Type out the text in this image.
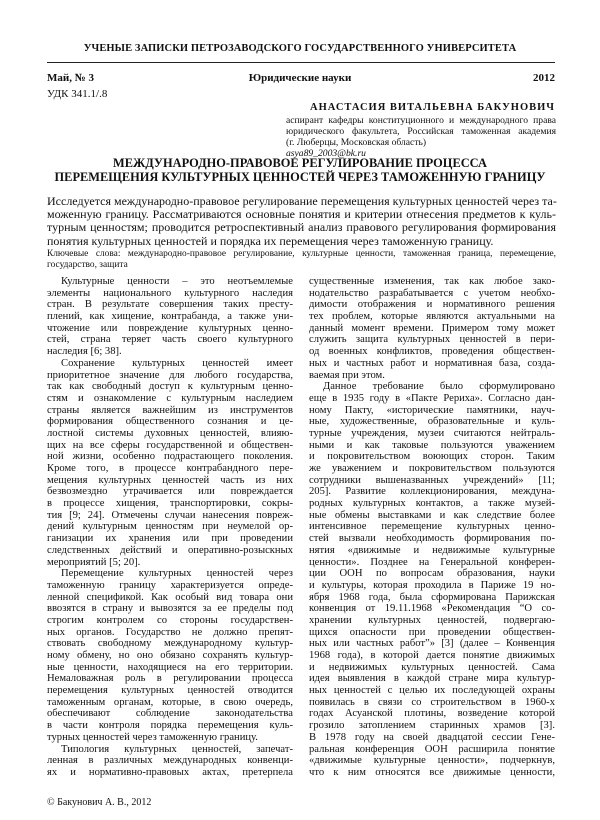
УЧЕНЫЕ ЗАПИСКИ ПЕТРОЗАВОДСКОГО ГОСУДАРСТВЕННОГО УНИВЕРСИТЕТА
Май, № 3	Юридические науки	2012
УДК 341.1/.8
АНАСТАСИЯ ВИТАЛЬЕВНА БАКУНОВИЧ
аспирант кафедры конституционного и международного права
юридического факультета, Российская таможенная академия
(г. Люберцы, Московская область)
asya89_2003@bk.ru
МЕЖДУНАРОДНО-ПРАВОВОЕ РЕГУЛИРОВАНИЕ ПРОЦЕССА
ПЕРЕМЕЩЕНИЯ КУЛЬТУРНЫХ ЦЕННОСТЕЙ ЧЕРЕЗ ТАМОЖЕННУЮ ГРАНИЦУ
Исследуется международно-правовое регулирование перемещения культурных ценностей через та-
моженную границу. Рассматриваются основные понятия и критерии отнесения предметов к куль-
турным ценностям; проводится ретроспективный анализ правового регулирования формирования
понятия культурных ценностей и порядка их перемещения через таможенную границу.
Ключевые слова: международно-правовое регулирование, культурные ценности, таможенная граница, перемещение,
государство, защита
Культурные ценности – это неотъемлемые
элементы национального культурного наследия
стран. В результате совершения таких престу-
плений, как хищение, контрабанда, а также уни-
чтожение или повреждение культурных ценно-
стей, страна теряет часть своего культурного
наследия [6; 38].
Сохранение культурных ценностей имеет
приоритетное значение для любого государства,
так как свободный доступ к культурным ценно-
стям и ознакомление с культурным наследием
страны является важнейшим из инструментов
формирования общественного сознания и це-
лостной системы духовных ценностей, влияю-
щих на все сферы государственной и обществен-
ной жизни, особенно подрастающего поколения.
Кроме того, в процессе контрабандного пере-
мещения культурных ценностей часть из них
безвозмездно утрачивается или повреждается
в процессе хищения, транспортировки, сокры-
тия [9; 24]. Отмечены случаи нанесения повреж-
дений культурным ценностям при неумелой ор-
ганизации их хранения или при проведении
следственных действий и оперативно-розыскных
мероприятий [5; 20].
Перемещение культурных ценностей через
таможенную границу характеризуется опреде-
ленной спецификой. Как особый вид товара они
ввозятся в страну и вывозятся за ее пределы под
строгим контролем со стороны государствен-
ных органов. Государство не должно препят-
ствовать свободному международному культур-
ному обмену, но оно обязано сохранять культур-
ные ценности, находящиеся на его территории.
Немаловажная роль в регулировании процесса
перемещения культурных ценностей отводится
таможенным органам, которые, в свою очередь,
обеспечивают соблюдение законодательства
в части контроля порядка перемещения куль-
турных ценностей через таможенную границу.
Типология культурных ценностей, запечат-
ленная в различных международных конвенци-
ях и нормативно-правовых актах, претерпела
существенные изменения, так как любое зако-
нодательство разрабатывается с учетом необхо-
димости отображения и нормативного решения
тех проблем, которые являются актуальными на
данный момент времени. Примером тому может
служить защита культурных ценностей в пери-
од военных конфликтов, проведения обществен-
ных и частных работ и нормативная база, созда-
ваемая при этом.
Данное требование было сформулировано
еще в 1935 году в «Пакте Рериха». Согласно дан-
ному Пакту, «исторические памятники, науч-
ные, художественные, образовательные и куль-
турные учреждения, музеи считаются нейтраль-
ными и как таковые пользуются уважением
и покровительством воюющих сторон. Таким
же уважением и покровительством пользуются
сотрудники вышеназванных учреждений» [11;
205]. Развитие коллекционирования, междуна-
родных культурных контактов, а также музей-
ные обмены выставками и как следствие более
интенсивное перемещение культурных ценно-
стей вызвали необходимость формирования по-
нятия «движимые и недвижимые культурные
ценности». Позднее на Генеральной конферен-
ции ООН по вопросам образования, науки
и культуры, которая проходила в Париже 19 но-
ября 1968 года, была сформирована Парижская
конвенция от 19.11.1968 «Рекомендация “О со-
хранении культурных ценностей, подвергаю-
щихся опасности при проведении обществен-
ных или частных работ”» [3] (далее – Конвенция
1968 года), в которой дается понятие движимых
и недвижимых культурных ценностей. Сама
идея выявления в каждой стране мира культур-
ных ценностей с целью их последующей охраны
появилась в связи со строительством в 1960-х
годах Асуанской плотины, возведение которой
грозило затоплением старинных храмов [3].
В 1978 году на своей двадцатой сессии Гене-
ральная конференция ООН расширила понятие
«движимые культурные ценности», подчеркнув,
что к ним относятся все движимые ценности,
© Бакунович А. В., 2012
